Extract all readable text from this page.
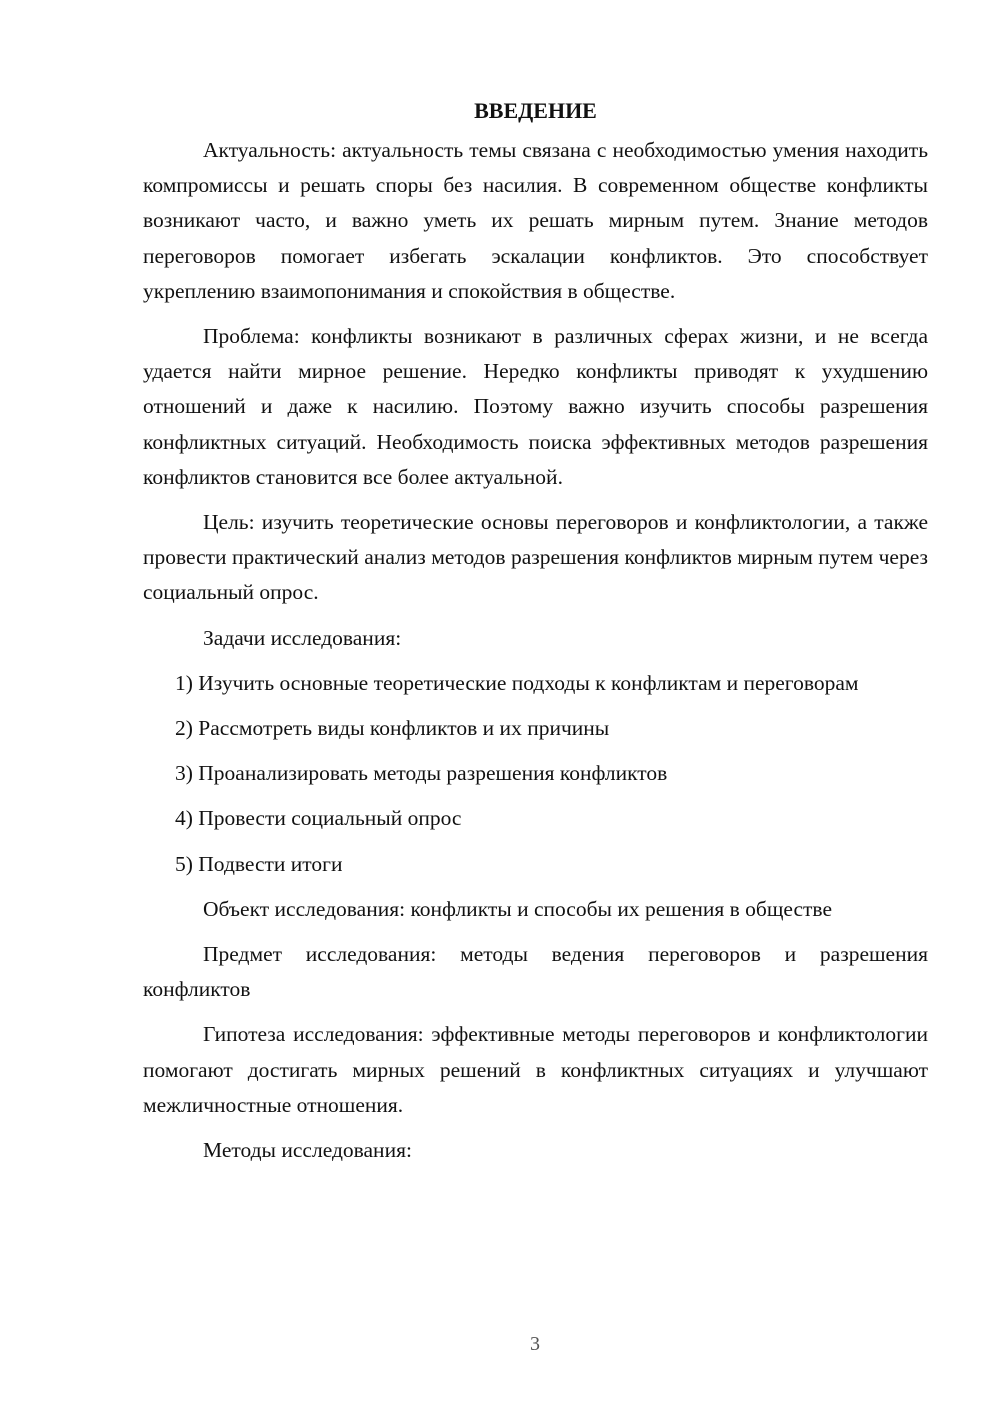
ВВЕДЕНИЕ

Актуальность: актуальность темы связана с необходимостью умения находить компромиссы и решать споры без насилия. В современном обществе конфликты возникают часто, и важно уметь их решать мирным путем. Знание методов переговоров помогает избегать эскалации конфликтов. Это способствует укреплению взаимопонимания и спокойствия в обществе.

Проблема: конфликты возникают в различных сферах жизни, и не всегда удается найти мирное решение. Нередко конфликты приводят к ухудшению отношений и даже к насилию. Поэтому важно изучить способы разрешения конфликтных ситуаций. Необходимость поиска эффективных методов разрешения конфликтов становится все более актуальной.

Цель: изучить теоретические основы переговоров и конфликтологии, а также провести практический анализ методов разрешения конфликтов мирным путем через социальный опрос.

Задачи исследования:

1) Изучить основные теоретические подходы к конфликтам и переговорам

2) Рассмотреть виды конфликтов и их причины

3) Проанализировать методы разрешения конфликтов

4) Провести социальный опрос

5) Подвести итоги

Объект исследования: конфликты и способы их решения в обществе

Предмет исследования: методы ведения переговоров и разрешения конфликтов

Гипотеза исследования: эффективные методы переговоров и конфликтологии помогают достигать мирных решений в конфликтных ситуациях и улучшают межличностные отношения.

Методы исследования:

3
